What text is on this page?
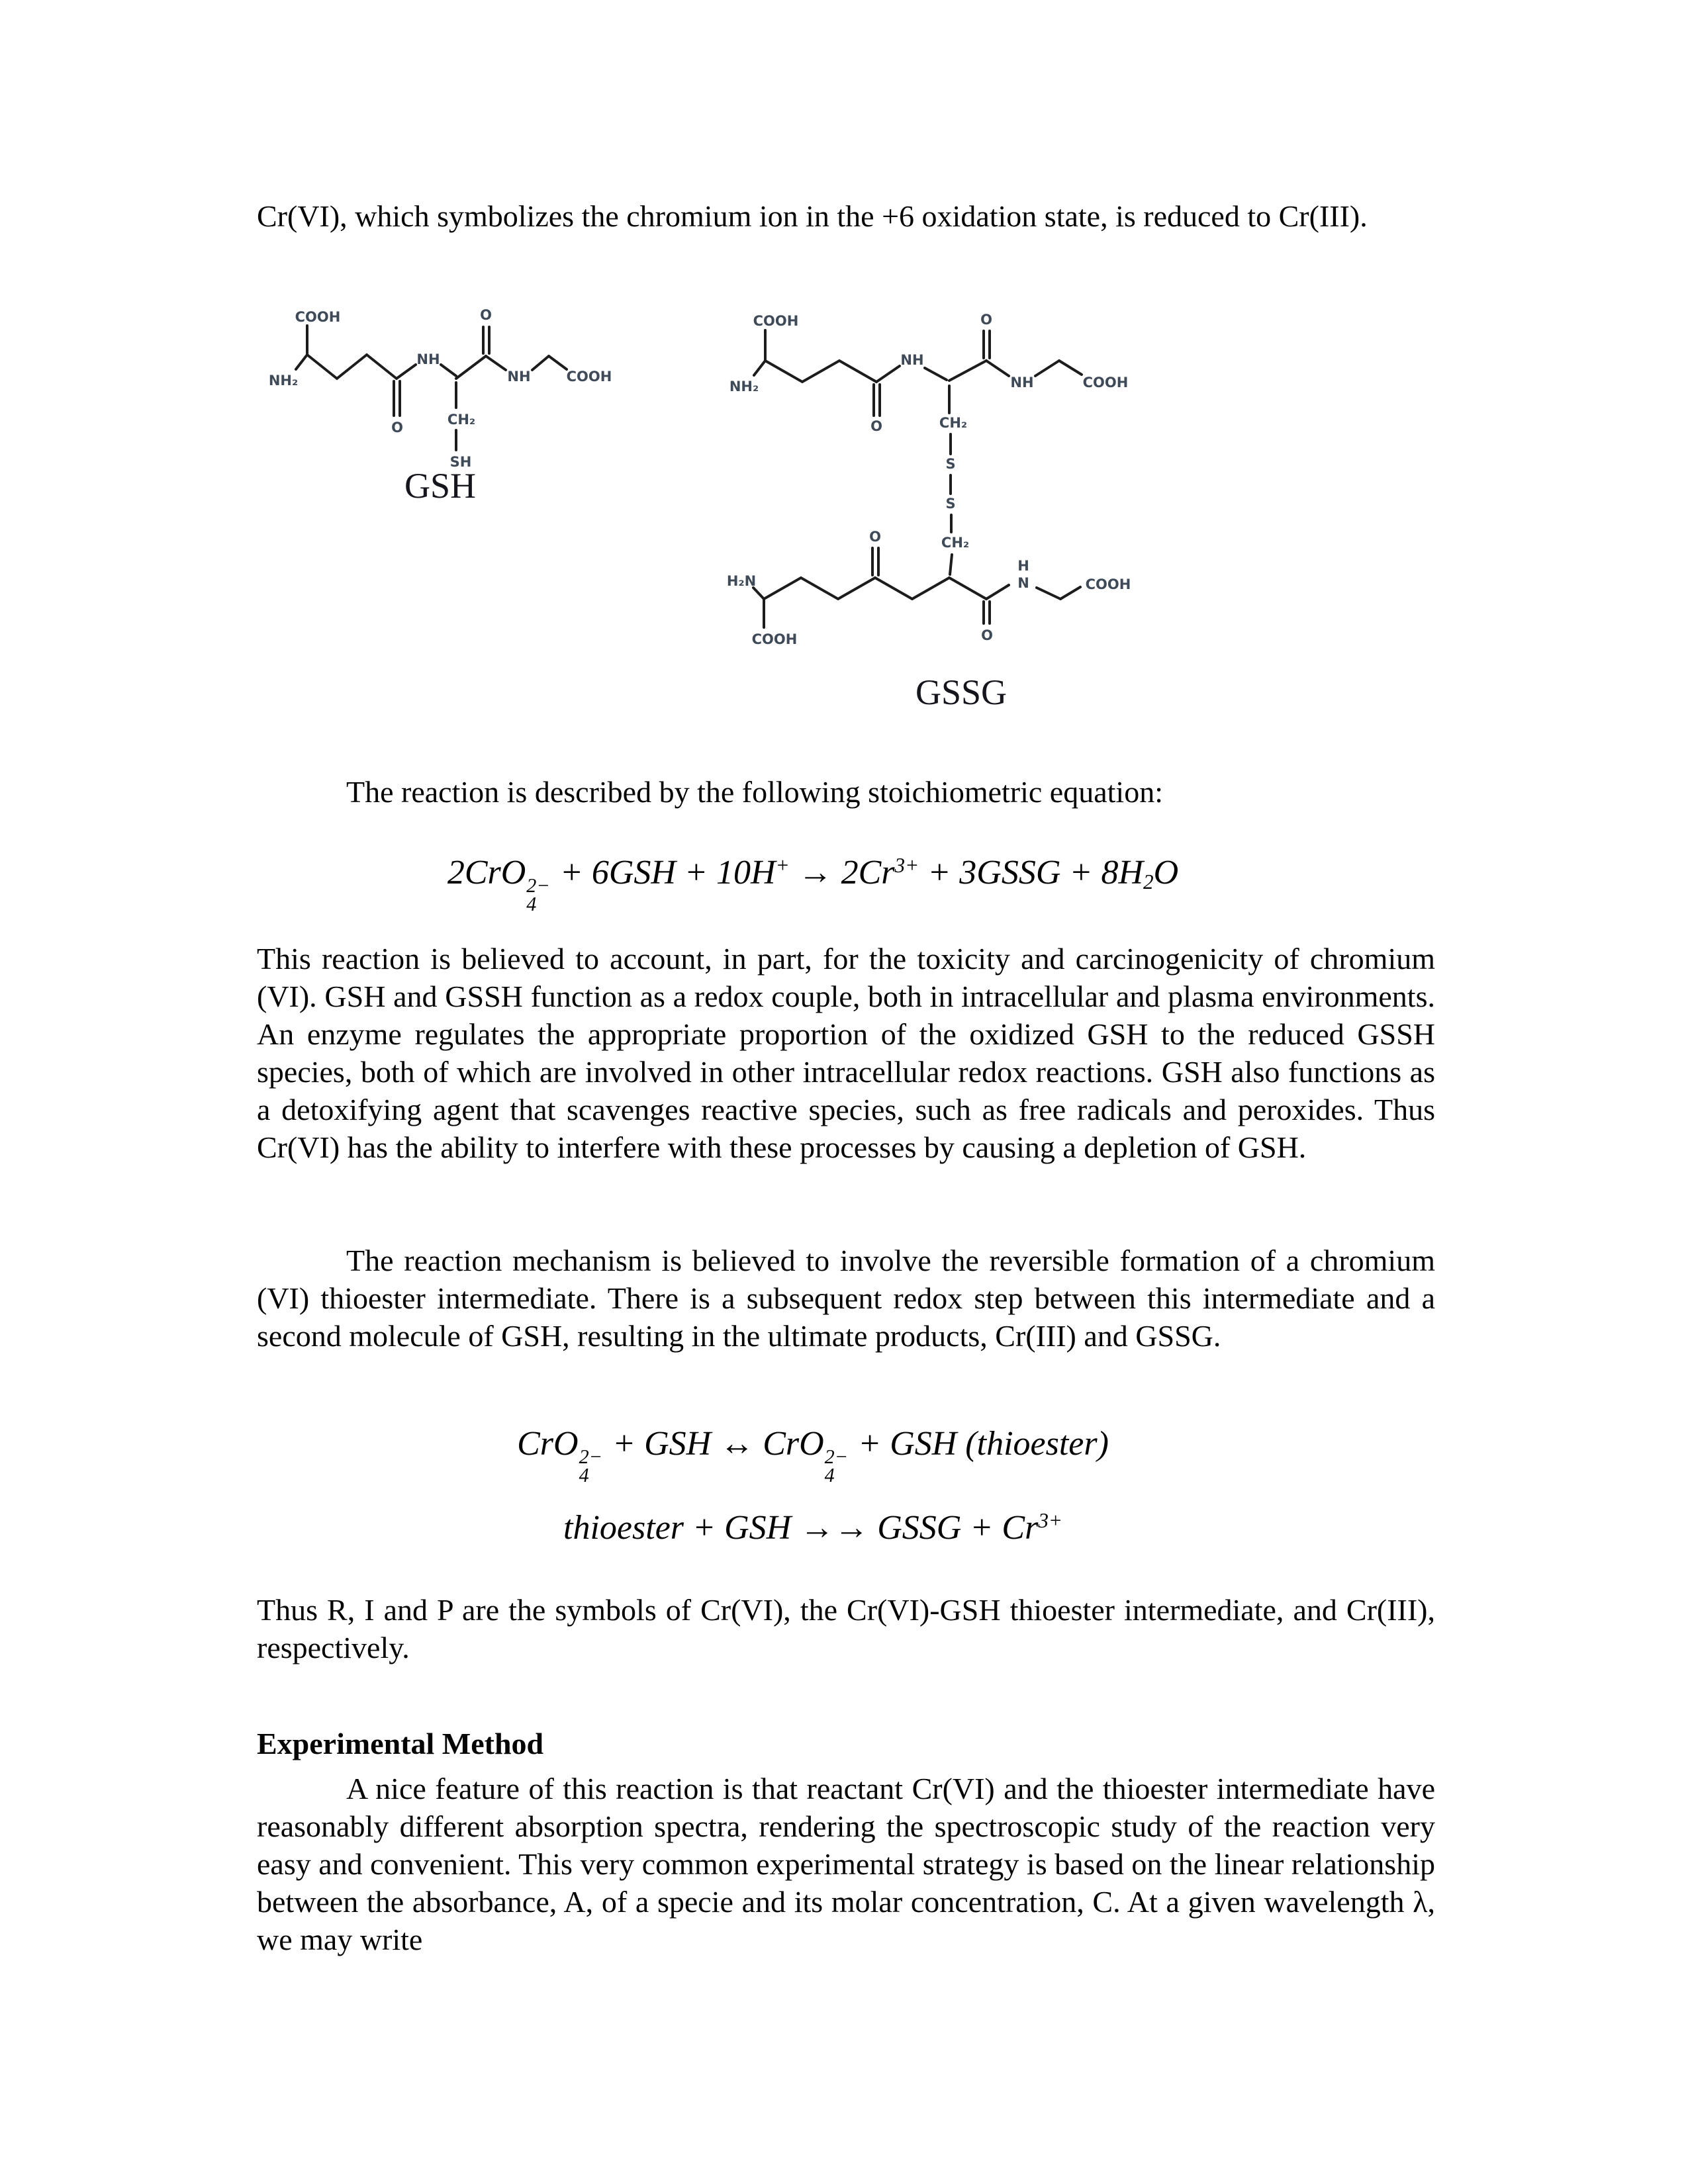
Cr(VI), which symbolizes the chromium ion in the +6 oxidation state, is reduced to Cr(III).
COOH
NH₂
O
NH
CH₂
SH
O
NH	COOH
GSH
COOH
NH₂
O
NH
O
NH	COOH
CH₂
S
S
CH₂
O
H₂N
COOH	O
H
N	COOH
GSSG
The reaction is described by the following stoichiometric equation:
2CrO 2−
4
+ $6GSH + 10H^+ \to 2Cr^{3+}$ + 3GSSG + $8H_2O$
This reaction is believed to account, in part, for the toxicity and carcinogenicity of chromium (VI). GSH and GSSH function as a redox couple, both in intracellular and plasma environments. An enzyme regulates the appropriate proportion of the oxidized GSH to the reduced GSSH species, both of which are involved in other intracellular redox reactions. GSH also functions as a detoxifying agent that scavenges reactive species, such as free radicals and peroxides. Thus Cr(VI) has the ability to interfere with these processes by causing a depletion of GSH.
The reaction mechanism is believed to involve the reversible formation of a chromium (VI) thioester intermediate. There is a subsequent redox step between this intermediate and a second molecule of GSH, resulting in the ultimate products, Cr(III) and GSSG.
CrO 2−
4
+ GSH ↔ CrO 2−
4
+ GSH (thioester)
thioester + GSH →→ GSSG + $Cr^{3+}$
Thus R, I and P are the symbols of Cr(VI), the Cr(VI)-GSH thioester intermediate, and Cr(III), respectively.
Experimental Method
A nice feature of this reaction is that reactant Cr(VI) and the thioester intermediate have reasonably different absorption spectra, rendering the spectroscopic study of the reaction very easy and convenient. This very common experimental strategy is based on the linear relationship between the absorbance, A, of a specie and its molar concentration, C. At a given wavelength λ, we may write
